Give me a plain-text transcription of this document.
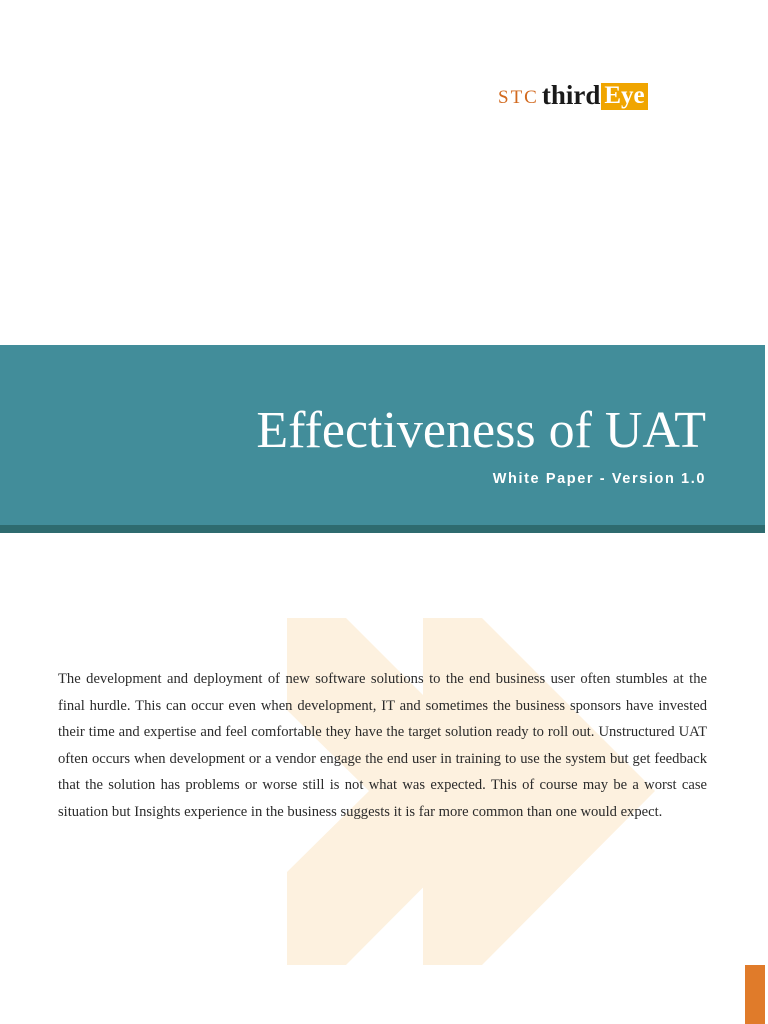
STC third Eye
Effectiveness of UAT
White Paper - Version 1.0

The development and deployment of new software solutions to the end business user often stumbles at the final hurdle. This can occur even when development, IT and sometimes the business sponsors have invested their time and expertise and feel comfortable they have the target solution ready to roll out. Unstructured UAT often occurs when development or a vendor engage the end user in training to use the system but get feedback that the solution has problems or worse still is not what was expected. This of course may be a worst case situation but Insights experience in the business suggests it is far more common than one would expect.
